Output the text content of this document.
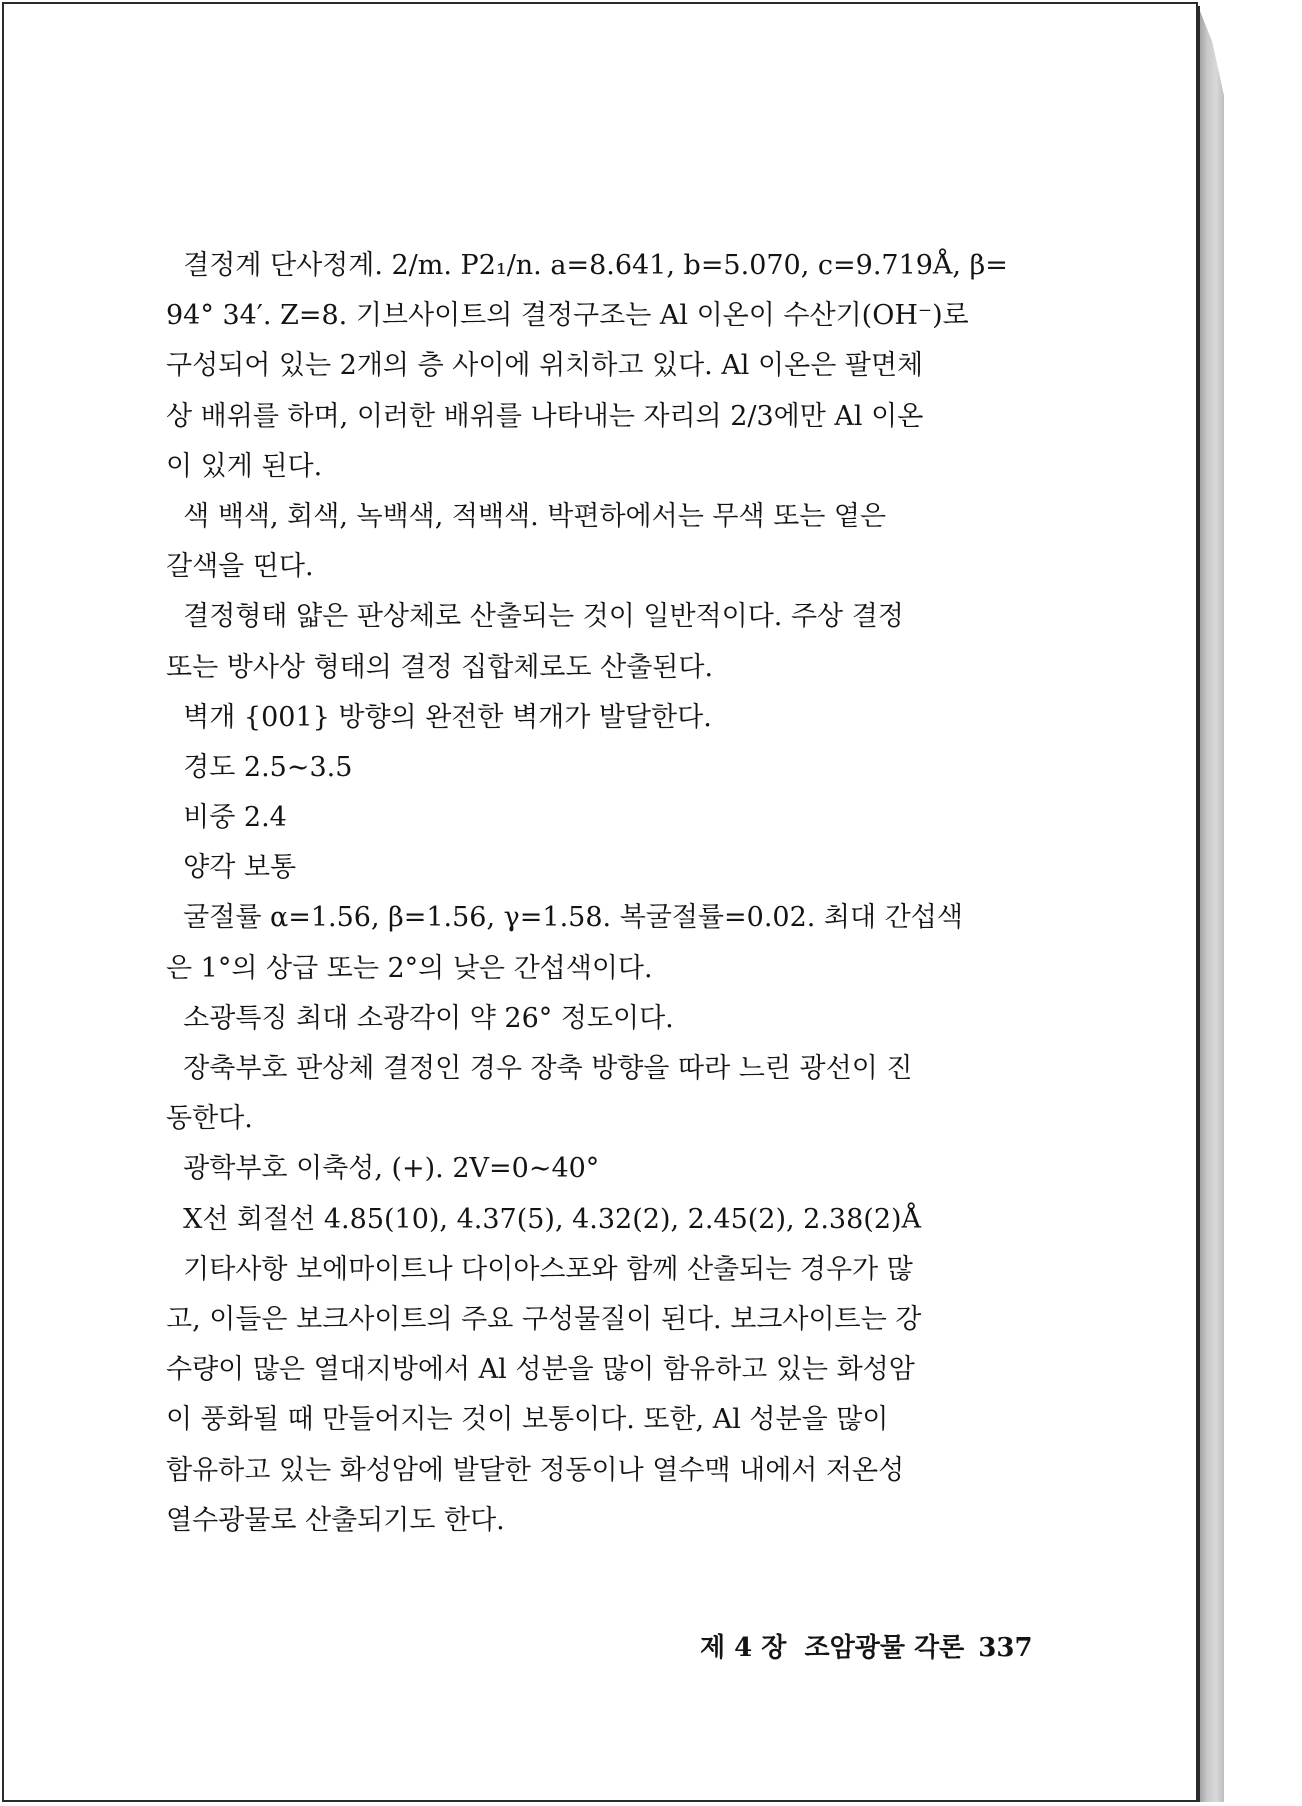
결정계 단사정계. 2/m. P2₁/n. a=8.641, b=5.070, c=9.719Å, β=
94° 34′. Z=8. 기브사이트의 결정구조는 Al 이온이 수산기(OH⁻)로
구성되어 있는 2개의 층 사이에 위치하고 있다. Al 이온은 팔면체
상 배위를 하며, 이러한 배위를 나타내는 자리의 2/3에만 Al 이온
이 있게 된다.
색 백색, 회색, 녹백색, 적백색. 박편하에서는 무색 또는 옅은
갈색을 띤다.
결정형태 얇은 판상체로 산출되는 것이 일반적이다. 주상 결정
또는 방사상 형태의 결정 집합체로도 산출된다.
벽개 {001} 방향의 완전한 벽개가 발달한다.
경도 2.5∼3.5
비중 2.4
양각 보통
굴절률 α=1.56, β=1.56, γ=1.58. 복굴절률=0.02. 최대 간섭색
은 1°의 상급 또는 2°의 낮은 간섭색이다.
소광특징 최대 소광각이 약 26° 정도이다.
장축부호 판상체 결정인 경우 장축 방향을 따라 느린 광선이 진
동한다.
광학부호 이축성, (+). 2V=0∼40°
X선 회절선 4.85(10), 4.37(5), 4.32(2), 2.45(2), 2.38(2)Å
기타사항 보에마이트나 다이아스포와 함께 산출되는 경우가 많
고, 이들은 보크사이트의 주요 구성물질이 된다. 보크사이트는 강
수량이 많은 열대지방에서 Al 성분을 많이 함유하고 있는 화성암
이 풍화될 때 만들어지는 것이 보통이다. 또한, Al 성분을 많이
함유하고 있는 화성암에 발달한 정동이나 열수맥 내에서 저온성
열수광물로 산출되기도 한다.
제 4 장  조암광물 각론 337
